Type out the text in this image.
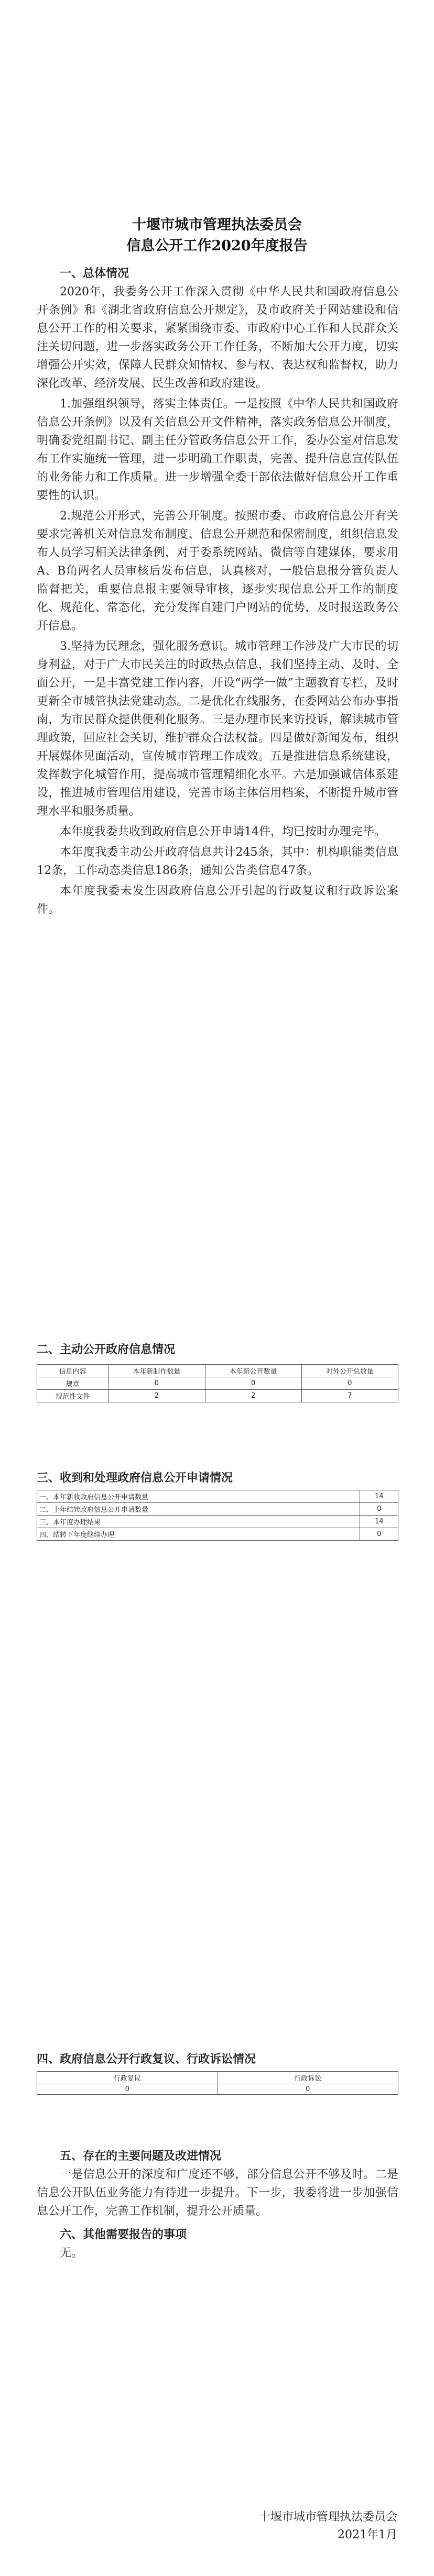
十堰市城市管理执法委员会
信息公开工作2020年度报告
一、总体情况

2020年，我委务公开工作深入贯彻《中华人民共和国政府信息公开条例》和《湖北省政府信息公开规定》，及市政府关于网站建设和信息公开工作的相关要求，紧紧围绕市委、市政府中心工作和人民群众关注关切问题，进一步落实政务公开工作任务，不断加大公开力度，切实增强公开实效，保障人民群众知情权、参与权、表达权和监督权，助力深化改革、经济发展、民生改善和政府建设。

1.加强组织领导，落实主体责任。一是按照《中华人民共和国政府信息公开条例》以及有关信息公开文件精神，落实政务信息公开制度，明确委党组副书记、副主任分管政务信息公开工作，委办公室对信息发布工作实施统一管理，进一步明确工作职责，完善、提升信息宣传队伍的业务能力和工作质量。进一步增强全委干部依法做好信息公开工作重要性的认识。

2.规范公开形式，完善公开制度。按照市委、市政府信息公开有关要求完善机关对信息发布制度、信息公开规范和保密制度，组织信息发布人员学习相关法律条例，对于委系统网站、微信等自建媒体，要求用A、B角两名人员审核后发布信息，认真核对，一般信息报分管负责人监督把关，重要信息报主要领导审核，逐步实现信息公开工作的制度化、规范化、常态化，充分发挥自建门户网站的优势，及时报送政务公开信息。

3.坚持为民理念，强化服务意识。城市管理工作涉及广大市民的切身利益，对于广大市民关注的时政热点信息，我们坚持主动、及时、全面公开，一是丰富党建工作内容，开设“两学一做”主题教育专栏，及时更新全市城管执法党建动态。二是优化在线服务，在委网站公布办事指南，为市民群众提供便利化服务。三是办理市民来访投诉，解读城市管理政策，回应社会关切，维护群众合法权益。四是做好新闻发布，组织开展媒体见面活动，宣传城市管理工作成效。五是推进信息系统建设，发挥数字化城管作用，提高城市管理精细化水平。六是加强诚信体系建设，推进城市管理信用建设，完善市场主体信用档案，不断提升城市管理水平和服务质量。

本年度我委共收到政府信息公开申请14件，均已按时办理完毕。

本年度我委主动公开政府信息共计245条，其中：机构职能类信息12条，工作动态类信息186条，通知公告类信息47条。

本年度我委未发生因政府信息公开引起的行政复议和行政诉讼案件。

二、主动公开政府信息情况
信息内容	本年新制作数量	本年新公开数量	对外公开总数量
规章	0	0	0
规范性文件	2	2	7
三、收到和处理政府信息公开申请情况
一、本年新收政府信息公开申请数量	14
二、上年结转政府信息公开申请数量	0
三、本年度办理结果	14
四、结转下年度继续办理	0
四、政府信息公开行政复议、行政诉讼情况
行政复议	行政诉讼
0	0
五、存在的主要问题及改进情况

一是信息公开的深度和广度还不够，部分信息公开不够及时。二是信息公开队伍业务能力有待进一步提升。下一步，我委将进一步加强信息公开工作，完善工作机制，提升公开质量。

六、其他需要报告的事项

无。

十堰市城市管理执法委员会
2021年1月
